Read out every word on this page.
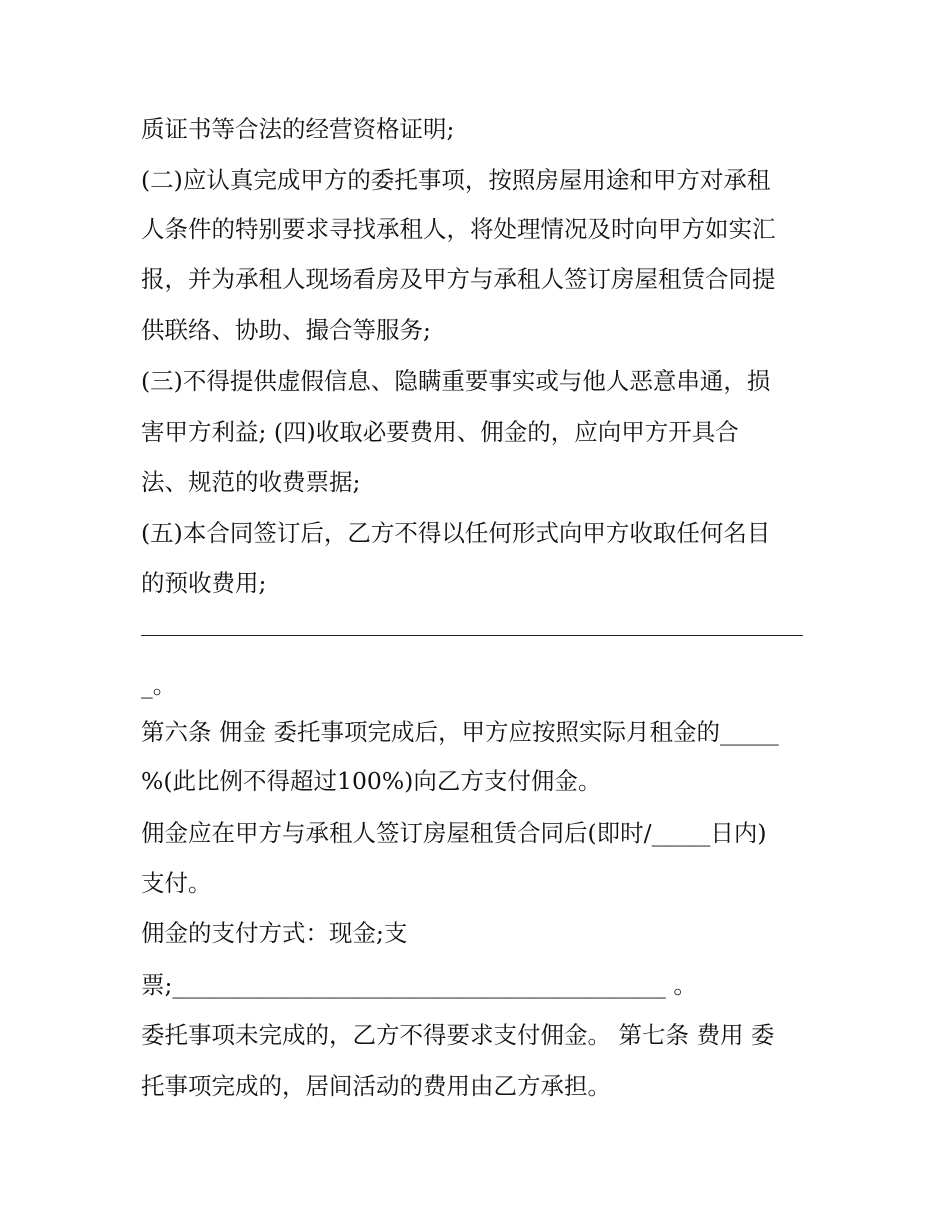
质证书等合法的经营资格证明;

(二)应认真完成甲方的委托事项，按照房屋用途和甲方对承租

人条件的特别要求寻找承租人，将处理情况及时向甲方如实汇

报，并为承租人现场看房及甲方与承租人签订房屋租赁合同提

供联络、协助、撮合等服务;

(三)不得提供虚假信息、隐瞒重要事实或与他人恶意串通，损

害甲方利益; (四)收取必要费用、佣金的，应向甲方开具合

法、规范的收费票据;

(五)本合同签订后，乙方不得以任何形式向甲方收取任何名目

的预收费用;

_。

第六条 佣金 委托事项完成后，甲方应按照实际月租金的_____

%(此比例不得超过100%)向乙方支付佣金。

佣金应在甲方与承租人签订房屋租赁合同后(即时/_____日内)

支付。

佣金的支付方式：现金;支

票;__________________________________________ 。

委托事项未完成的，乙方不得要求支付佣金。 第七条 费用 委

托事项完成的，居间活动的费用由乙方承担。
